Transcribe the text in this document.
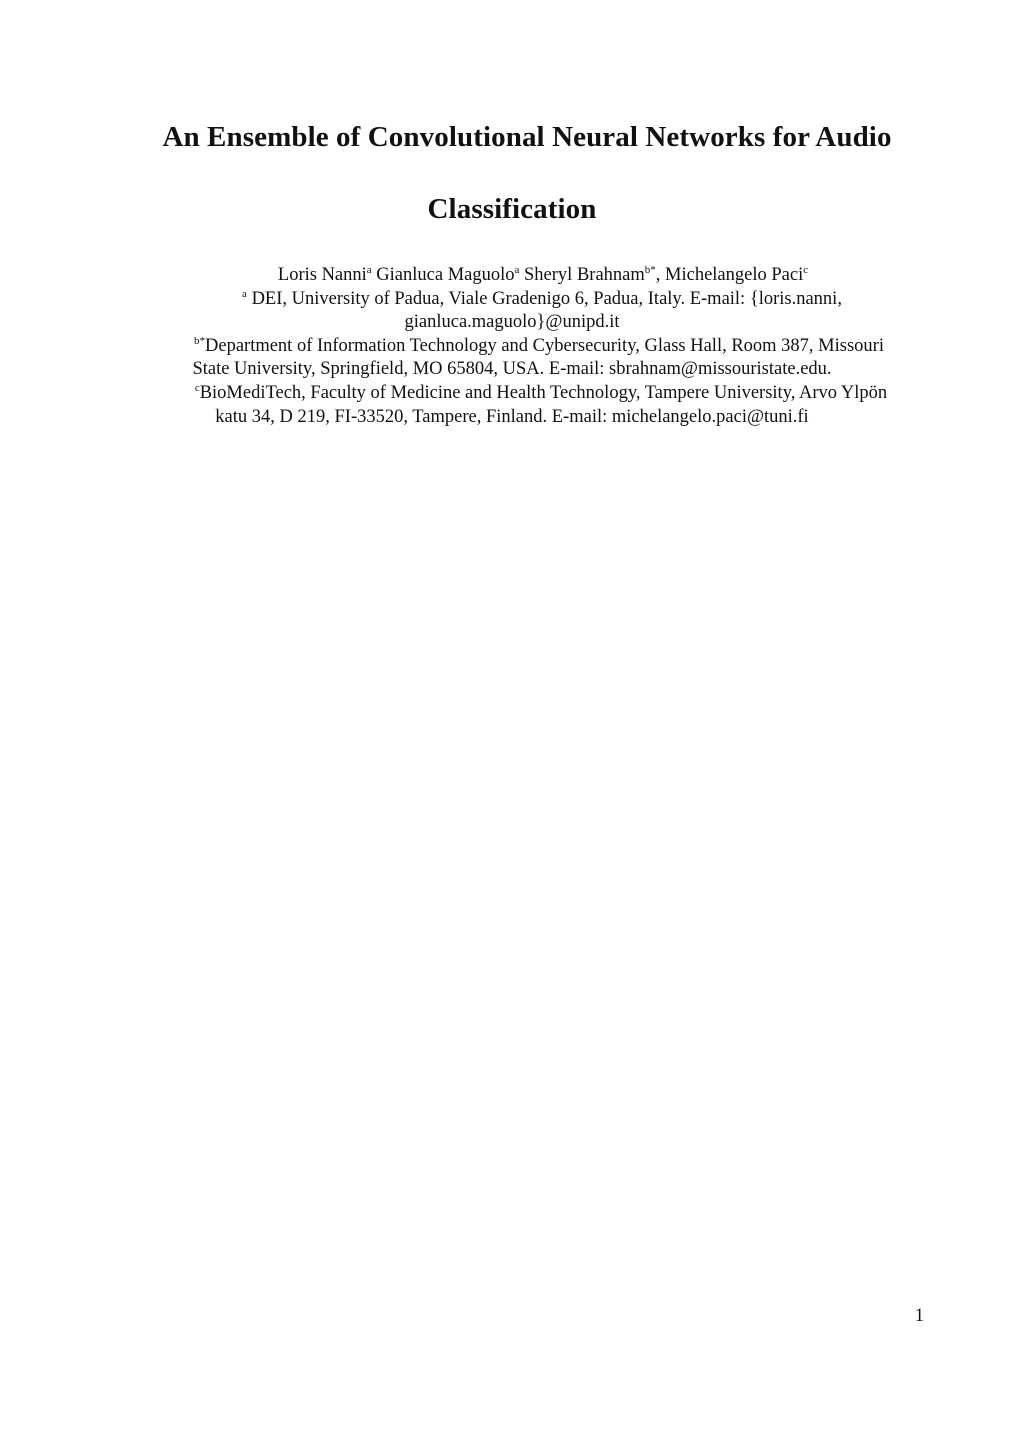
An Ensemble of Convolutional Neural Networks for Audio
Classification
Loris Nanni$^a$ Gianluca Maguolo$^a$ Sheryl Brahnam$^{b*}$, Michelangelo Paci$^c$
$^a$ DEI, University of Padua, Viale Gradenigo 6, Padua, Italy. E-mail: {loris.nanni,
gianluca.maguolo}@unipd.it
$^{b*}$Department of Information Technology and Cybersecurity, Glass Hall, Room 387, Missouri
State University, Springfield, MO 65804, USA. E-mail: sbrahnam@missouristate.edu.
$^c$BioMediTech, Faculty of Medicine and Health Technology, Tampere University, Arvo Ylpön
katu 34, D 219, FI-33520, Tampere, Finland. E-mail: michelangelo.paci@tuni.fi
1
